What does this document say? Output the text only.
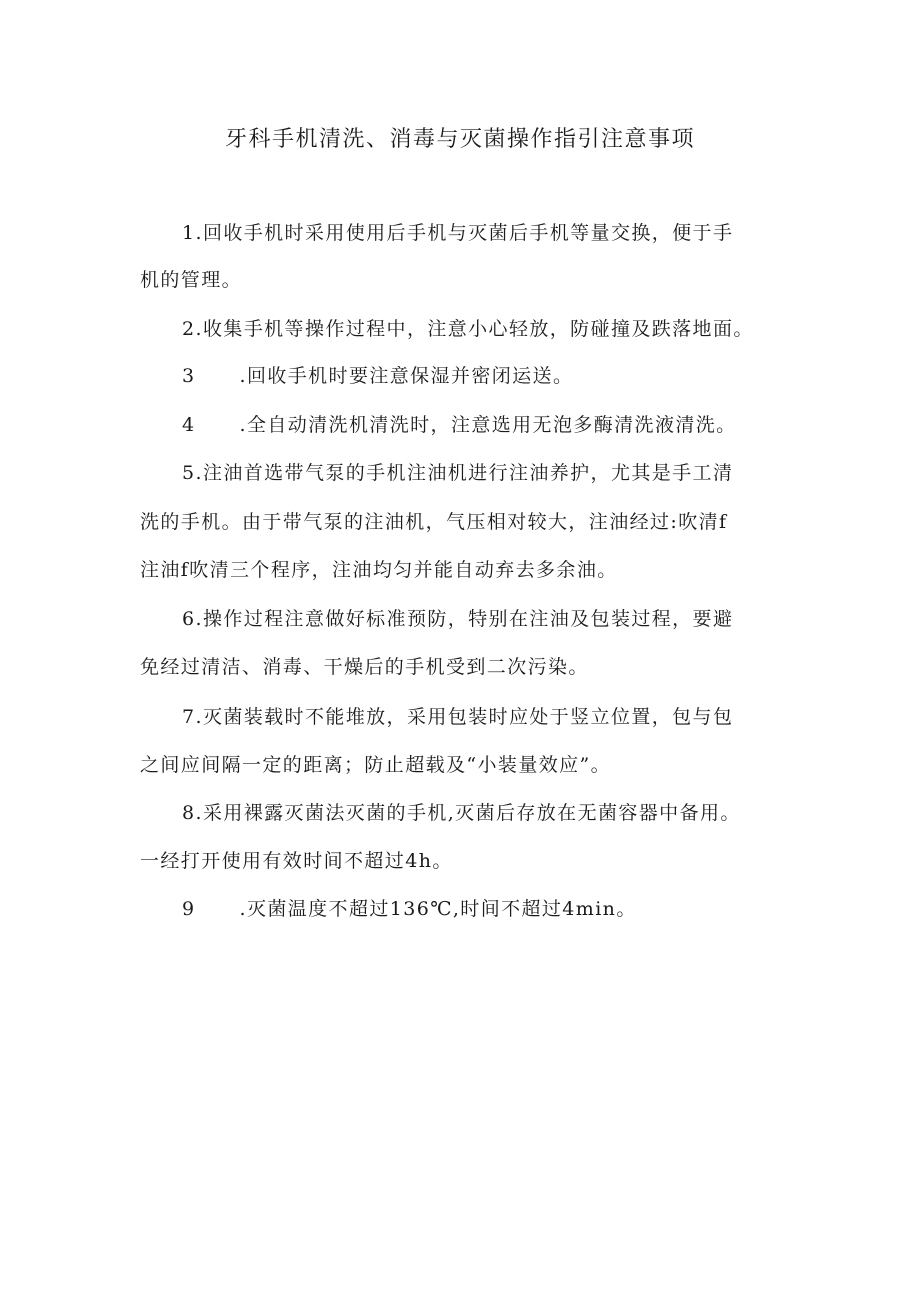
牙科手机清洗、消毒与灭菌操作指引注意事项
1.回收手机时采用使用后手机与灭菌后手机等量交换，便于手
机的管理。
2.收集手机等操作过程中，注意小心轻放，防碰撞及跌落地面。
3 .回收手机时要注意保湿并密闭运送。
4 .全自动清洗机清洗时，注意选用无泡多酶清洗液清洗。
5.注油首选带气泵的手机注油机进行注油养护，尤其是手工清
洗的手机。由于带气泵的注油机，气压相对较大，注油经过:吹清f
注油f吹清三个程序，注油均匀并能自动弃去多余油。
6.操作过程注意做好标准预防，特别在注油及包装过程，要避
免经过清洁、消毒、干燥后的手机受到二次污染。
7.灭菌装载时不能堆放，采用包装时应处于竖立位置，包与包
之间应间隔一定的距离；防止超载及“小装量效应”。
8.采用裸露灭菌法灭菌的手机,灭菌后存放在无菌容器中备用。
一经打开使用有效时间不超过4h。
9 .灭菌温度不超过136℃,时间不超过4min。
